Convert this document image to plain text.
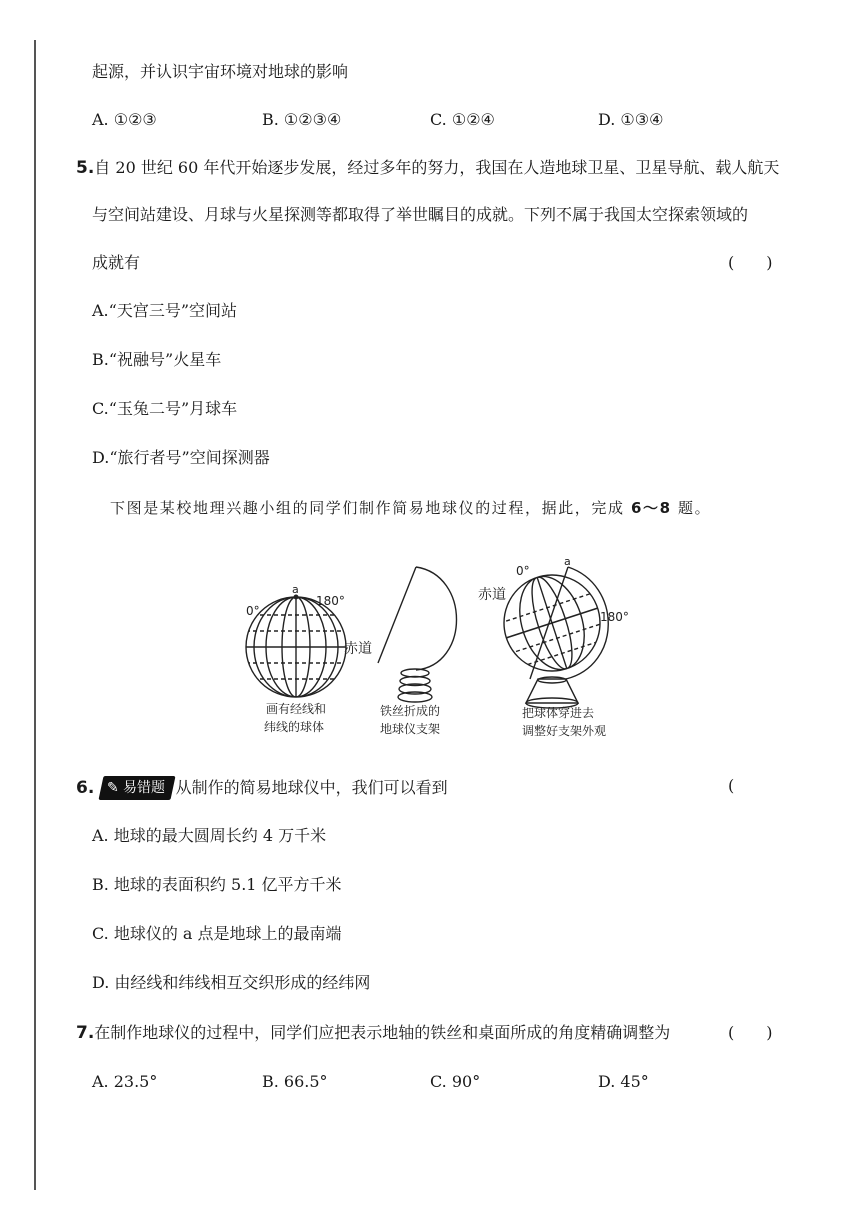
起源，并认识宇宙环境对地球的影响
A. ①②③	B. ①②③④	C. ①②④	D. ①③④
5.自 20 世纪 60 年代开始逐步发展，经过多年的努力，我国在人造地球卫星、卫星导航、载人航天
与空间站建设、月球与火星探测等都取得了举世瞩目的成就。下列不属于我国太空探索领域的
成就有	(　　)
A.“天宫三号”空间站
B.“祝融号”火星车
C.“玉兔二号”月球车
D.“旅行者号”空间探测器
下图是某校地理兴趣小组的同学们制作简易地球仪的过程，据此，完成 6～8 题。
a
0°
180°
赤道
画有经线和
纬线的球体
铁丝折成的
地球仪支架
a
0°
180°
赤道
把球体穿进去
调整好支架外观
6. ✎ 易错题 从制作的简易地球仪中，我们可以看到	(
A. 地球的最大圆周长约 4 万千米
B. 地球的表面积约 5.1 亿平方千米
C. 地球仪的 a 点是地球上的最南端
D. 由经线和纬线相互交织形成的经纬网
7.在制作地球仪的过程中，同学们应把表示地轴的铁丝和桌面所成的角度精确调整为	(　　)
A. 23.5°	B. 66.5°	C. 90°	D. 45°
